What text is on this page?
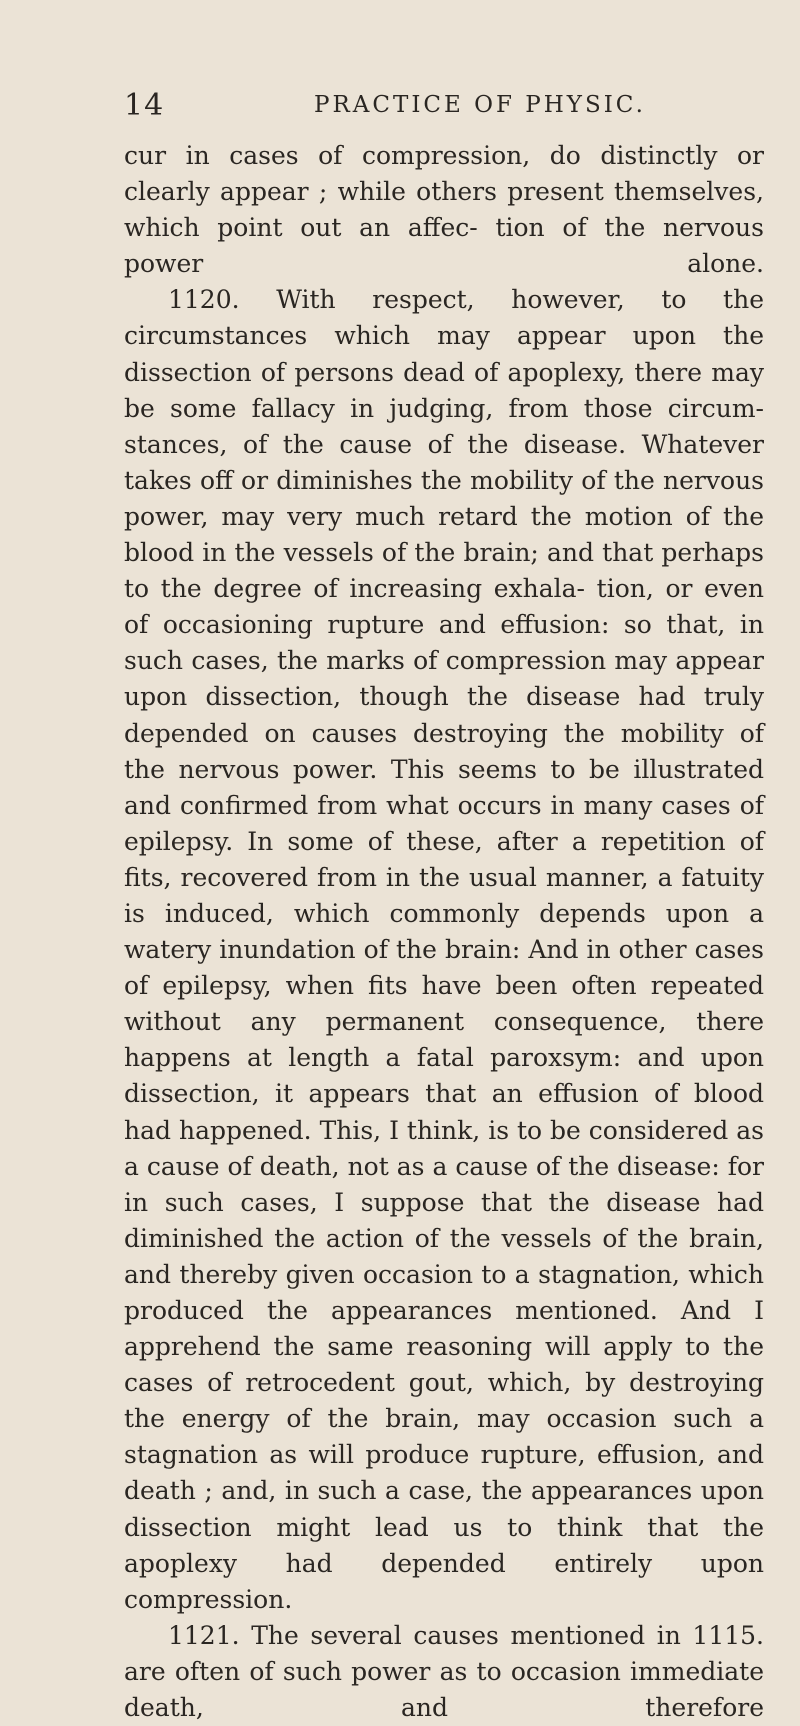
14	PRACTICE OF PHYSIC.

cur in cases of compression, do distinctly or clearly appear ; while others present themselves, which point out an affec- tion of the nervous power alone.

1120. With respect, however, to the circumstances which may appear upon the dissection of persons dead of apoplexy, there may be some fallacy in judging, from those circum- stances, of the cause of the disease. Whatever takes off or diminishes the mobility of the nervous power, may very much retard the motion of the blood in the vessels of the brain; and that perhaps to the degree of increasing exhala- tion, or even of occasioning rupture and effusion: so that, in such cases, the marks of compression may appear upon dissection, though the disease had truly depended on causes destroying the mobility of the nervous power. This seems to be illustrated and confirmed from what occurs in many cases of epilepsy. In some of these, after a repetition of fits, recovered from in the usual manner, a fatuity is induced, which commonly depends upon a watery inundation of the brain: And in other cases of epilepsy, when fits have been often repeated without any permanent consequence, there happens at length a fatal paroxsym: and upon dissection, it appears that an effusion of blood had happened. This, I think, is to be considered as a cause of death, not as a cause of the disease: for in such cases, I suppose that the disease had diminished the action of the vessels of the brain, and thereby given occasion to a stagnation, which produced the appearances mentioned. And I apprehend the same reasoning will apply to the cases of retrocedent gout, which, by destroying the energy of the brain, may occasion such a stagnation as will produce rupture, effusion, and death ; and, in such a case, the appearances upon dissection might lead us to think that the apoplexy had depended entirely upon compression.

1121. The several causes mentioned in 1115. are often of such power as to occasion immediate death, and therefore
